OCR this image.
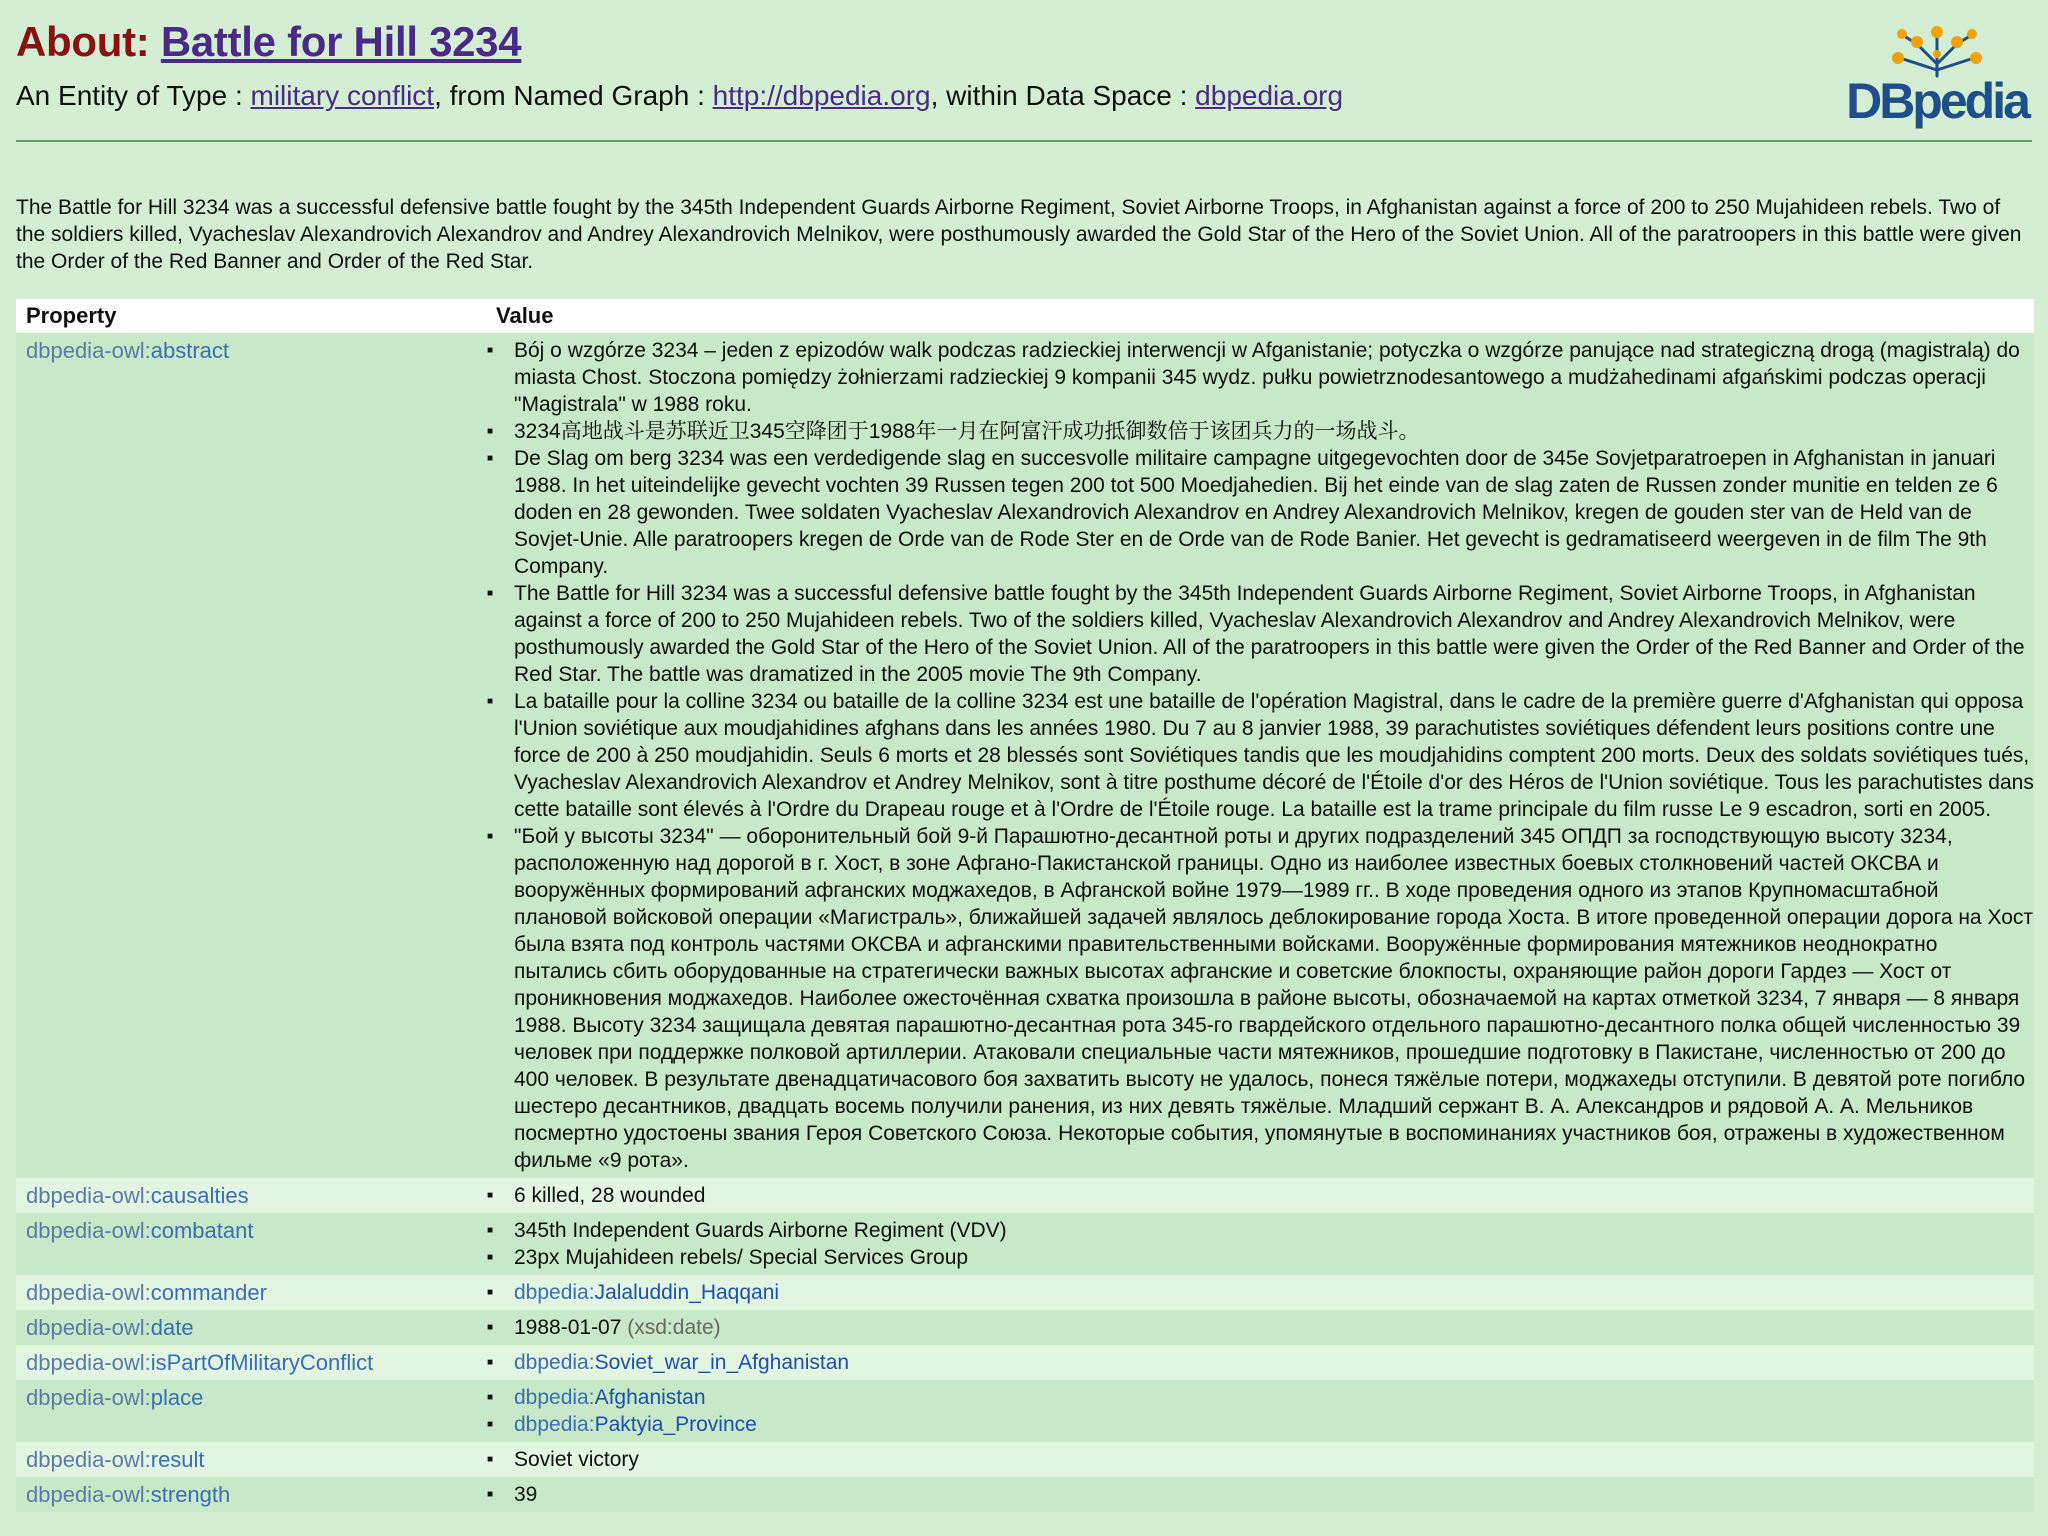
About: Battle for Hill 3234
An Entity of Type : military conflict, from Named Graph : http://dbpedia.org, within Data Space : dbpedia.org	DBpedia
The Battle for Hill 3234 was a successful defensive battle fought by the 345th Independent Guards Airborne Regiment, Soviet Airborne Troops, in Afghanistan against a force of 200 to 250 Mujahideen rebels. Two of the soldiers killed, Vyacheslav Alexandrovich Alexandrov and Andrey Alexandrovich Melnikov, were posthumously awarded the Gold Star of the Hero of the Soviet Union. All of the paratroopers in this battle were given the Order of the Red Banner and Order of the Red Star.
Property	Value
dbpedia-owl:abstract	■ Bój o wzgórze 3234 – jeden z epizodów walk podczas radzieckiej interwencji w Afganistanie; potyczka o wzgórze panujące nad strategiczną drogą (magistralą) do miasta Chost. Stoczona pomiędzy żołnierzami radzieckiej 9 kompanii 345 wydz. pułku powietrznodesantowego a mudżahedinami afgańskimi podczas operacji "Magistrala" w 1988 roku.
■ 3234高地战斗是苏联近卫345空降团于1988年一月在阿富汗成功抵御数倍于该团兵力的一场战斗。
■ De Slag om berg 3234 was een verdedigende slag en succesvolle militaire campagne uitgegevochten door de 345e Sovjetparatroepen in Afghanistan in januari 1988. In het uiteindelijke gevecht vochten 39 Russen tegen 200 tot 500 Moedjahedien. Bij het einde van de slag zaten de Russen zonder munitie en telden ze 6 doden en 28 gewonden. Twee soldaten Vyacheslav Alexandrovich Alexandrov en Andrey Alexandrovich Melnikov, kregen de gouden ster van de Held van de Sovjet-Unie. Alle paratroopers kregen de Orde van de Rode Ster en de Orde van de Rode Banier. Het gevecht is gedramatiseerd weergeven in de film The 9th Company.
■ The Battle for Hill 3234 was a successful defensive battle fought by the 345th Independent Guards Airborne Regiment, Soviet Airborne Troops, in Afghanistan against a force of 200 to 250 Mujahideen rebels. Two of the soldiers killed, Vyacheslav Alexandrovich Alexandrov and Andrey Alexandrovich Melnikov, were posthumously awarded the Gold Star of the Hero of the Soviet Union. All of the paratroopers in this battle were given the Order of the Red Banner and Order of the Red Star. The battle was dramatized in the 2005 movie The 9th Company.
■ La bataille pour la colline 3234 ou bataille de la colline 3234 est une bataille de l'opération Magistral, dans le cadre de la première guerre d'Afghanistan qui opposa l'Union soviétique aux moudjahidines afghans dans les années 1980. Du 7 au 8 janvier 1988, 39 parachutistes soviétiques défendent leurs positions contre une force de 200 à 250 moudjahidin. Seuls 6 morts et 28 blessés sont Soviétiques tandis que les moudjahidins comptent 200 morts. Deux des soldats soviétiques tués, Vyacheslav Alexandrovich Alexandrov et Andrey Melnikov, sont à titre posthume décoré de l'Étoile d'or des Héros de l'Union soviétique. Tous les parachutistes dans cette bataille sont élevés à l'Ordre du Drapeau rouge et à l'Ordre de l'Étoile rouge. La bataille est la trame principale du film russe Le 9 escadron, sorti en 2005.
■ "Бой у высоты 3234" — оборонительный бой 9-й Парашютно-десантной роты и других подразделений 345 ОПДП за господствующую высоту 3234, расположенную над дорогой в г. Хост, в зоне Афгано-Пакистанской границы. Одно из наиболее известных боевых столкновений частей ОКСВА и вооружённых формирований афганских моджахедов, в Афганской войне 1979—1989 гг.. В ходе проведения одного из этапов Крупномасштабной плановой войсковой операции «Магистраль», ближайшей задачей являлось деблокирование города Хоста. В итоге проведенной операции дорога на Хост была взята под контроль частями ОКСВА и афганскими правительственными войсками. Вооружённые формирования мятежников неоднократно пытались сбить оборудованные на стратегически важных высотах афганские и советские блокпосты, охраняющие район дороги Гардез — Хост от проникновения моджахедов. Наиболее ожесточённая схватка произошла в районе высоты, обозначаемой на картах отметкой 3234, 7 января — 8 января 1988. Высоту 3234 защищала девятая парашютно-десантная рота 345-го гвардейского отдельного парашютно-десантного полка общей численностью 39 человек при поддержке полковой артиллерии. Атаковали специальные части мятежников, прошедшие подготовку в Пакистане, численностью от 200 до 400 человек. В результате двенадцатичасового боя захватить высоту не удалось, понеся тяжёлые потери, моджахеды отступили. В девятой роте погибло шестеро десантников, двадцать восемь получили ранения, из них девять тяжёлые. Младший сержант В. А. Александров и рядовой А. А. Мельников посмертно удостоены звания Героя Советского Союза. Некоторые события, упомянутые в воспоминаниях участников боя, отражены в художественном фильме «9 рота».
dbpedia-owl:causalties	■ 6 killed, 28 wounded
dbpedia-owl:combatant	■ 345th Independent Guards Airborne Regiment (VDV)
■ 23px Mujahideen rebels/ Special Services Group
dbpedia-owl:commander	■ dbpedia:Jalaluddin_Haqqani
dbpedia-owl:date	■ 1988-01-07 (xsd:date)
dbpedia-owl:isPartOfMilitaryConflict	■ dbpedia:Soviet_war_in_Afghanistan
dbpedia-owl:place	■ dbpedia:Afghanistan
■ dbpedia:Paktyia_Province
dbpedia-owl:result	■ Soviet victory
dbpedia-owl:strength	■ 39
